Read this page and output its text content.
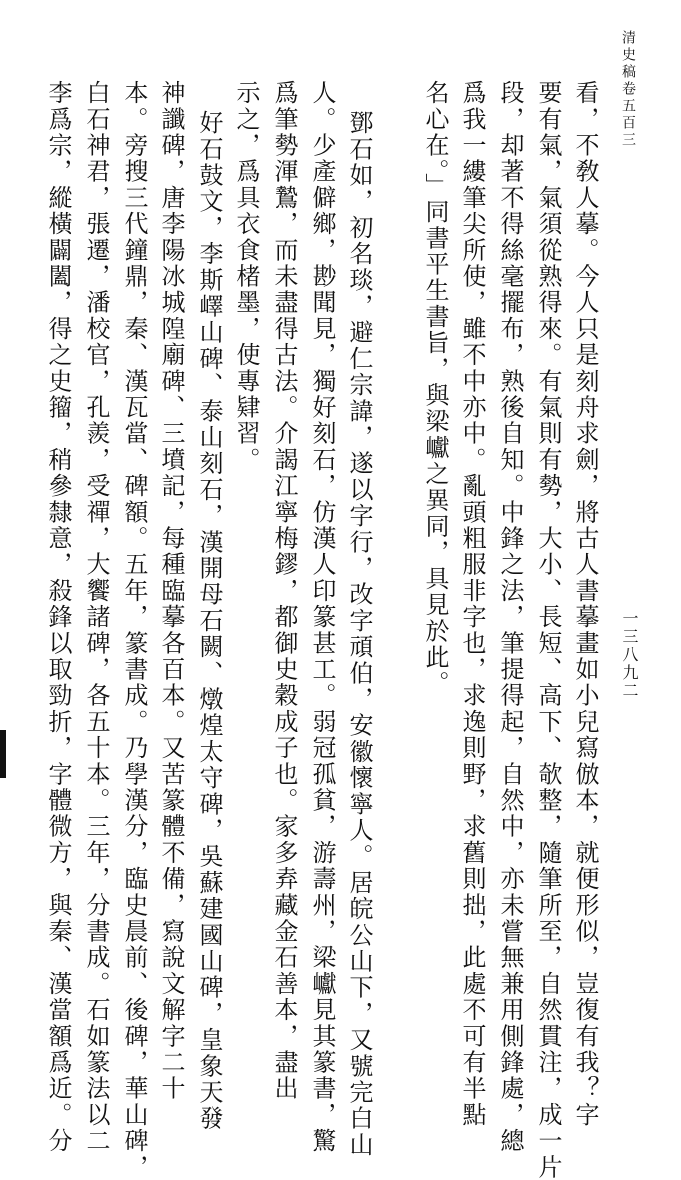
清史稿卷五百三

一三八九二

看，不敎人摹。今人只是刻舟求劍，將古人書摹畫如小兒寫倣本，就便形似，豈復有我？字

要有氣，氣須從熟得來。有氣則有勢，大小、長短、高下、欹整，隨筆所至，自然貫注，成一片

段，却著不得絲毫擺布，熟後自知。中鋒之法，筆提得起，自然中，亦未嘗無兼用側鋒處，總

爲我一縷筆尖所使，雖不中亦中。亂頭粗服非字也，求逸則野，求舊則拙，此處不可有半點

名心在。」同書平生書旨，與梁巘之異同，具見於此。

鄧石如，初名琰，避仁宗諱，遂以字行，改字頑伯，安徽懷寧人。居皖公山下，又號完白山

人。少產僻鄉，尠聞見，獨好刻石，仿漢人印篆甚工。弱冠孤貧，游壽州，梁巘見其篆書，驚

爲筆勢渾鷙，而未盡得古法。介謁江寧梅鏐，都御史穀成子也。家多弆藏金石善本，盡出

示之，爲具衣食楮墨，使專肄習。

好石鼓文，李斯嶧山碑、泰山刻石，漢開母石闕、燉煌太守碑，吳蘇建國山碑，皇象天發

神讖碑，唐李陽冰城隍廟碑、三墳記，每種臨摹各百本。又苦篆體不備，寫說文解字二十

本。旁搜三代鐘鼎，秦、漢瓦當、碑額。五年，篆書成。乃學漢分，臨史晨前、後碑，華山碑，

白石神君，張遷，潘校官，孔羨，受禪，大饗諸碑，各五十本。三年，分書成。石如篆法以二

李爲宗，縱橫闢闔，得之史籀，稍參隸意，殺鋒以取勁折，字體微方，與秦、漢當額爲近。分
